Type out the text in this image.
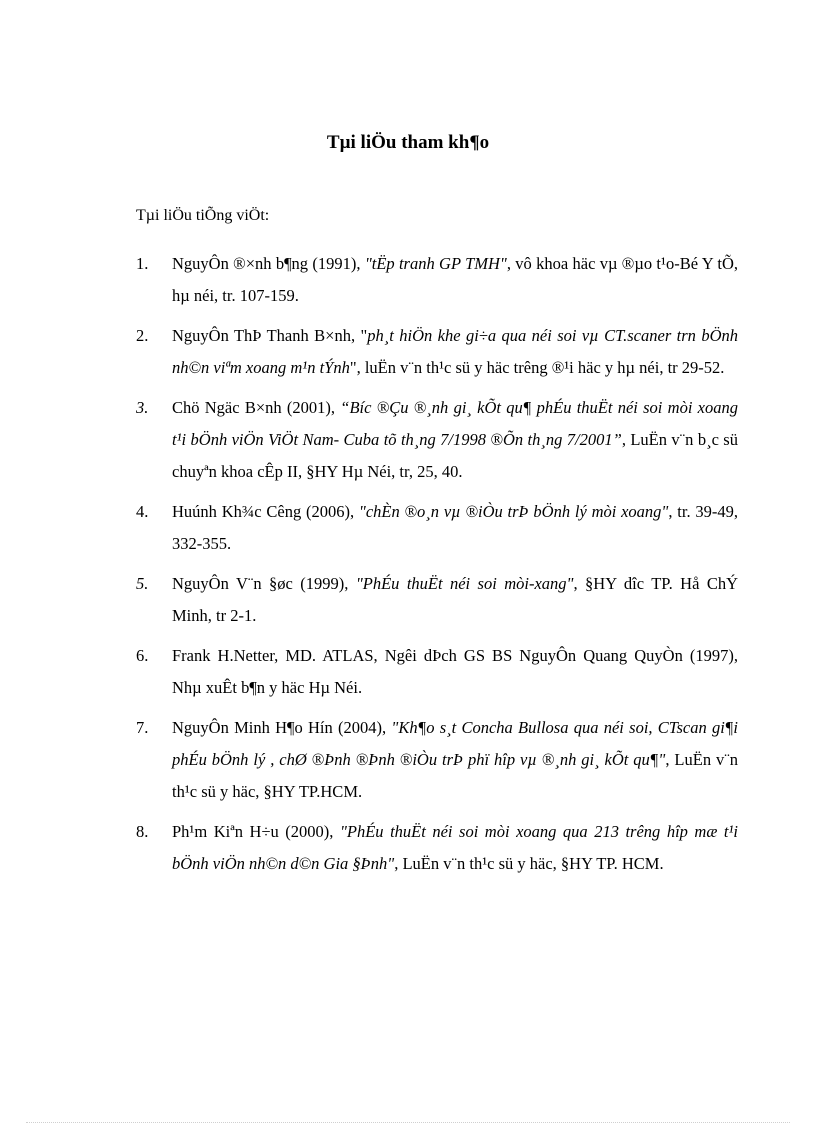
Tµi liÖu tham kh¶o
Tµi liÖu tiÕng viÖt:
1. NguyÔn ®×nh b¶ng (1991), "tËp tranh GP TMH", vô khoa häc vµ ®µo t¹o-Bé Y tÕ, hµ néi, tr. 107-159.
2. NguyÔn ThÞ Thanh B×nh, "ph¸t hiÖn khe gi÷a qua néi soi vµ CT.scaner trn bÖnh nh©n viªm xoang m¹n tÝnh", luËn v¨n th¹c sü y häc trêng ®¹i häc y hµ néi, tr 29-52.
3. Chö Ngäc B×nh (2001), “Bíc ®Çu ®¸nh gi¸ kÕt qu¶ phÉu thuËt néi soi mòi xoang t¹i bÖnh viÖn ViÖt Nam- Cuba tõ th¸ng 7/1998 ®Õn th¸ng 7/2001”, LuËn v¨n b¸c sü chuyªn khoa cÊp II, §HY Hµ Néi, tr, 25, 40.
4. Huúnh Kh¾c Cêng (2006), "chÈn ®o¸n vµ ®iÒu trÞ bÖnh lý mòi xoang", tr. 39-49, 332-355.
5. NguyÔn V¨n §øc (1999), "PhÉu thuËt néi soi mòi-xang", §HY dîc TP. Hå ChÝ Minh, tr 2-1.
6. Frank H.Netter, MD. ATLAS, Ngêi dÞch GS BS NguyÔn Quang QuyÒn (1997), Nhµ xuÊt b¶n y häc Hµ Néi.
7. NguyÔn Minh H¶o Hín (2004), "Kh¶o s¸t Concha Bullosa qua néi soi, CTscan gi¶i phÉu bÖnh lý , chØ ®Þnh ®Þnh ®iÒu trÞ phï hîp vµ ®¸nh gi¸ kÕt qu¶", LuËn v¨n th¹c sü y häc, §HY TP.HCM.
8. Ph¹m Kiªn H÷u (2000), "PhÉu thuËt néi soi mòi xoang qua 213 trêng hîp mæ t¹i bÖnh viÖn nh©n d©n Gia §Þnh", LuËn v¨n th¹c sü y häc, §HY TP. HCM.
